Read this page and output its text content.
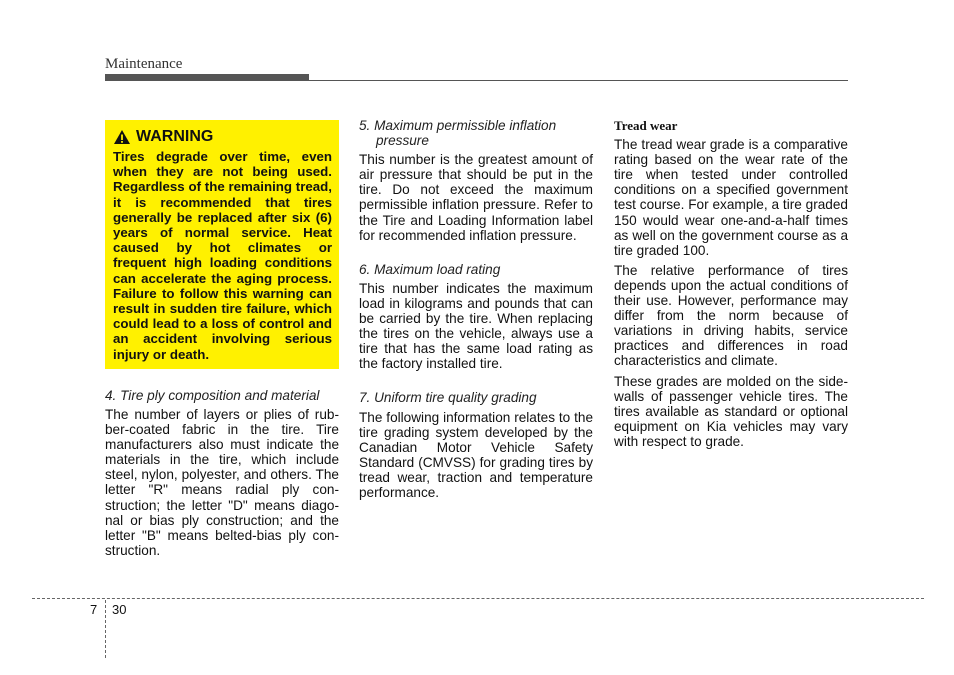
Maintenance
WARNING
Tires degrade over time, even when they are not being used. Regardless of the remaining tread, it is recommended that tires generally be replaced after six (6) years of normal service. Heat caused by hot climates or frequent high loading conditions can accelerate the aging process. Failure to follow this warning can result in sudden tire failure, which could lead to a loss of control and an accident involving serious injury or death.

4. Tire ply composition and material

The number of layers or plies of rubber-coated fabric in the tire. Tire manufacturers also must indicate the materials in the tire, which include steel, nylon, polyester, and others. The letter "R" means radial ply construction; the letter "D" means diagonal or bias ply construction; and the letter "B" means belted-bias ply construction.

5. Maximum permissible inflation pressure

This number is the greatest amount of air pressure that should be put in the tire. Do not exceed the maximum permissible inflation pressure. Refer to the Tire and Loading Information label for recommended inflation pressure.

6. Maximum load rating

This number indicates the maximum load in kilograms and pounds that can be carried by the tire. When replacing the tires on the vehicle, always use a tire that has the same load rating as the factory installed tire.

7. Uniform tire quality grading

The following information relates to the tire grading system developed by the Canadian Motor Vehicle Safety Standard (CMVSS) for grading tires by tread wear, traction and temperature performance.

Tread wear

The tread wear grade is a comparative rating based on the wear rate of the tire when tested under controlled conditions on a specified government test course. For example, a tire graded 150 would wear one-and-a-half times as well on the government course as a tire graded 100.

The relative performance of tires depends upon the actual conditions of their use. However, performance may differ from the norm because of variations in driving habits, service practices and differences in road characteristics and climate.

These grades are molded on the side-walls of passenger vehicle tires. The tires available as standard or optional equipment on Kia vehicles may vary with respect to grade.

7 30
